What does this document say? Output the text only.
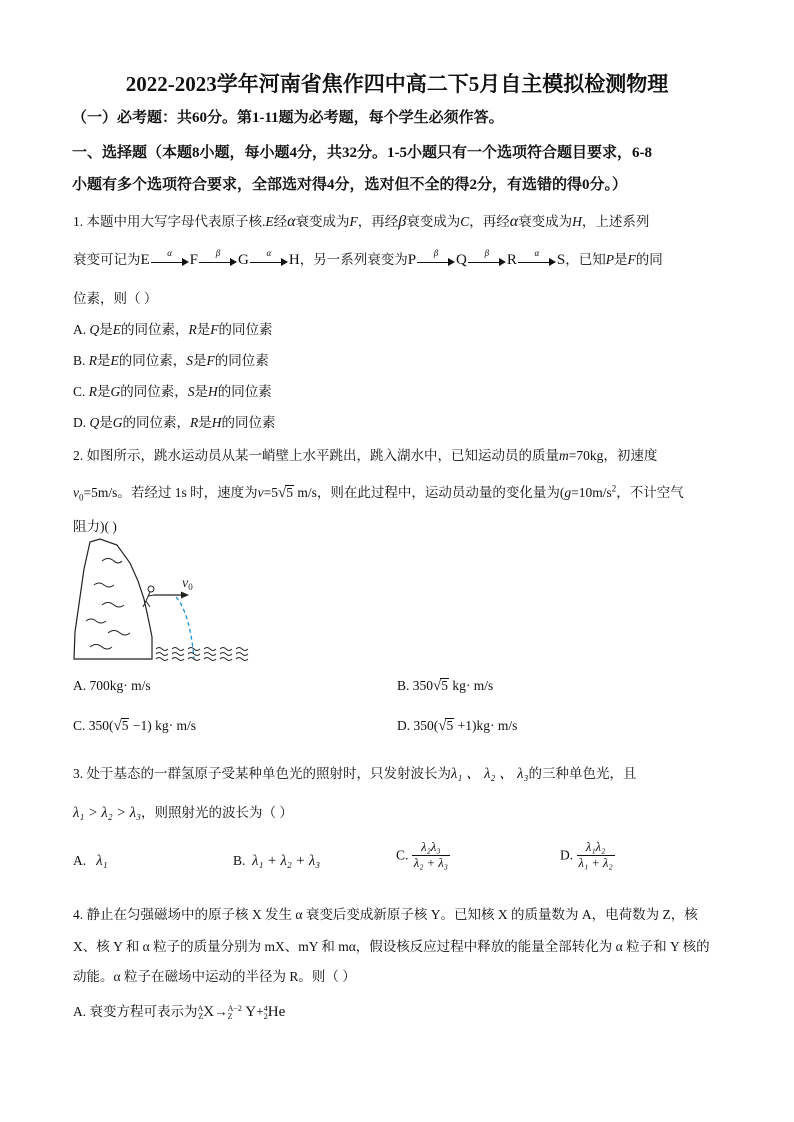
2022-2023学年河南省焦作四中高二下5月自主模拟检测物理
（一）必考题：共60分。第1-11题为必考题，每个学生必须作答。
一、选择题（本题8小题，每小题4分，共32分。1-5小题只有一个选项符合题目要求，6-8
小题有多个选项符合要求，全部选对得4分，选对但不全的得2分，有选错的得0分。）
1. 本题中用大写字母代表原子核.E经α衰变成为F，再经β衰变成为C，再经α衰变成为H，上述系列
衰变可记为E	α	F	β	G	α	H，另一系列衰变为P	β	Q	β	R	α	S，已知P是F的同
位素，则（ ）
A. Q是E的同位素，R是F的同位素
B. R是E的同位素，S是F的同位素
C. R是G的同位素，S是H的同位素
D. Q是G的同位素，R是H的同位素
2. 如图所示，跳水运动员从某一峭壁上水平跳出，跳入湖水中，已知运动员的质量m=70kg，初速度
$v_0=5m/s$。若经过 1s 时，速度为v=5√5 m/s，则在此过程中，运动员动量的变化量为($g=10m/s^2$，不计空气
阻力)( )
$v_0$
A. 700kg· m/s	B. 350√5 kg· m/s
C. 350(√5 −1) kg· m/s	D. 350(√5 +1)kg· m/s
3. 处于基态的一群氢原子受某种单色光的照射时，只发射波长为λ₁ 、 λ₂ 、 λ₃的三种单色光，且
λ₁ > λ₂ > λ₃，则照射光的波长为（ ）
A. λ₁	B. λ₁ + λ₂ + λ₃	C. $\frac{\text{λ₂λ₃}}{\text{λ₂ + λ₃}}$	D. $\frac{\text{λ₁λ₂}}{\text{λ₁ + λ₂}}$
4. 静止在匀强磁场中的原子核 X 发生 α 衰变后变成新原子核 Y。已知核 X 的质量数为 A，电荷数为 Z，核
X、核 Y 和 α 粒子的质量分别为 mX、mY 和 mα，假设核反应过程中释放的能量全部转化为 α 粒子和 Y 核的
动能。α 粒子在磁场中运动的半径为 R。则（ ）
A. 衰变方程可表示为 A
Z X→ A−2
Z Y+ 4
2 He
